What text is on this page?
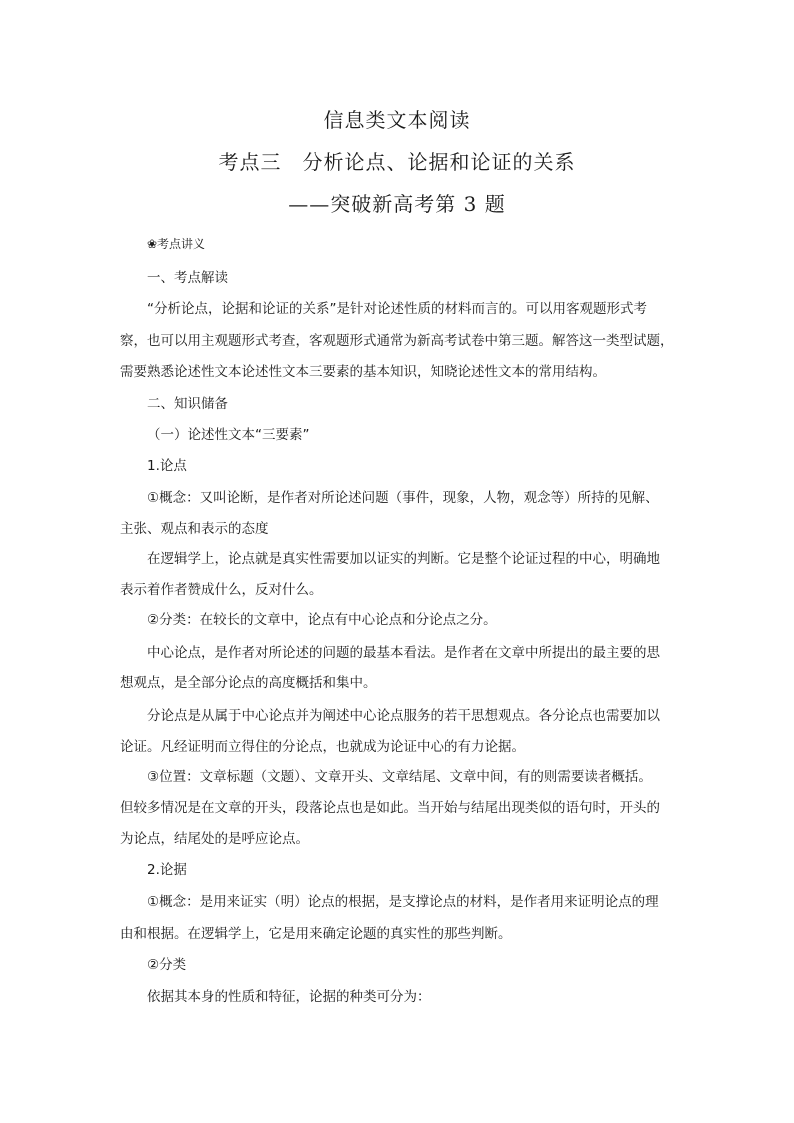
信息类文本阅读
考点三　分析论点、论据和论证的关系
——突破新高考第 3 题
❀考点讲义
一、考点解读
“分析论点，论据和论证的关系”是针对论述性质的材料而言的。可以用客观题形式考
察，也可以用主观题形式考查，客观题形式通常为新高考试卷中第三题。解答这一类型试题，
需要熟悉论述性文本论述性文本三要素的基本知识，知晓论述性文本的常用结构。
二、知识储备
（一）论述性文本“三要素”
1.论点
①概念：又叫论断，是作者对所论述问题（事件，现象，人物，观念等）所持的见解、
主张、观点和表示的态度
在逻辑学上，论点就是真实性需要加以证实的判断。它是整个论证过程的中心，明确地
表示着作者赞成什么，反对什么。
②分类：在较长的文章中，论点有中心论点和分论点之分。
中心论点，是作者对所论述的问题的最基本看法。是作者在文章中所提出的最主要的思
想观点，是全部分论点的高度概括和集中。
分论点是从属于中心论点并为阐述中心论点服务的若干思想观点。各分论点也需要加以
论证。凡经证明而立得住的分论点，也就成为论证中心的有力论据。
③位置：文章标题（文题）、文章开头、文章结尾、文章中间，有的则需要读者概括。
但较多情况是在文章的开头，段落论点也是如此。当开始与结尾出现类似的语句时，开头的
为论点，结尾处的是呼应论点。
2.论据
①概念：是用来证实（明）论点的根据，是支撑论点的材料，是作者用来证明论点的理
由和根据。在逻辑学上，它是用来确定论题的真实性的那些判断。
②分类
依据其本身的性质和特征，论据的种类可分为：
